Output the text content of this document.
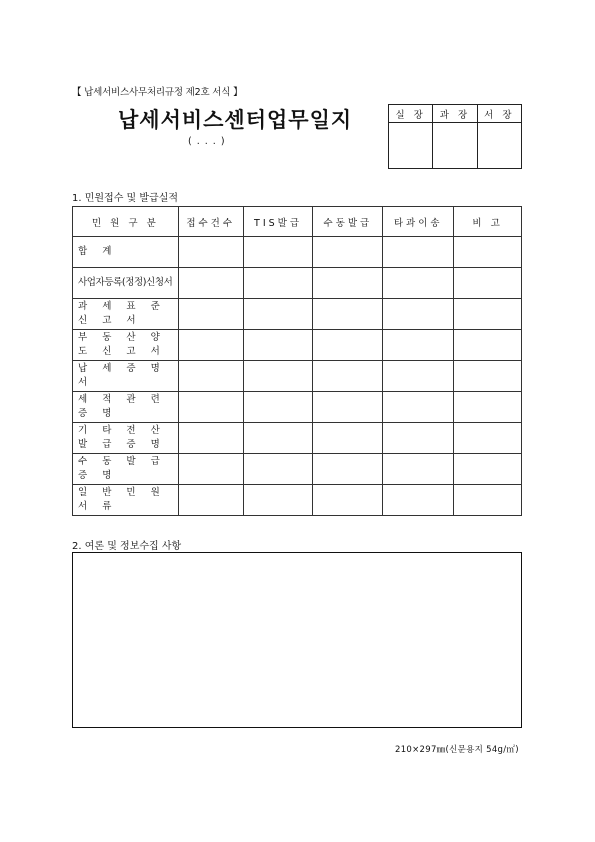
【 납세서비스사무처리규정 제2호 서식 】
납세서비스센터업무일지
( . . . )
실 장	과 장	서 장

1. 민원접수 및 발급실적
민 원 구 분	접수건수	TIS발급	수동발급	타과이송	비 고
합 계					
사업자등록(정정)신청서					
과 세 표 준 신 고 서					
부 동 산 양 도 신 고 서					
납 세 증 명 서					
세 적 관 련 증 명					
기 타 전 산 발 급 증 명					
수 동 발 급 증 명					
일 반 민 원 서 류					
2. 여론 및 정보수집 사항
210×297㎜(신문용지 54g/㎡)
